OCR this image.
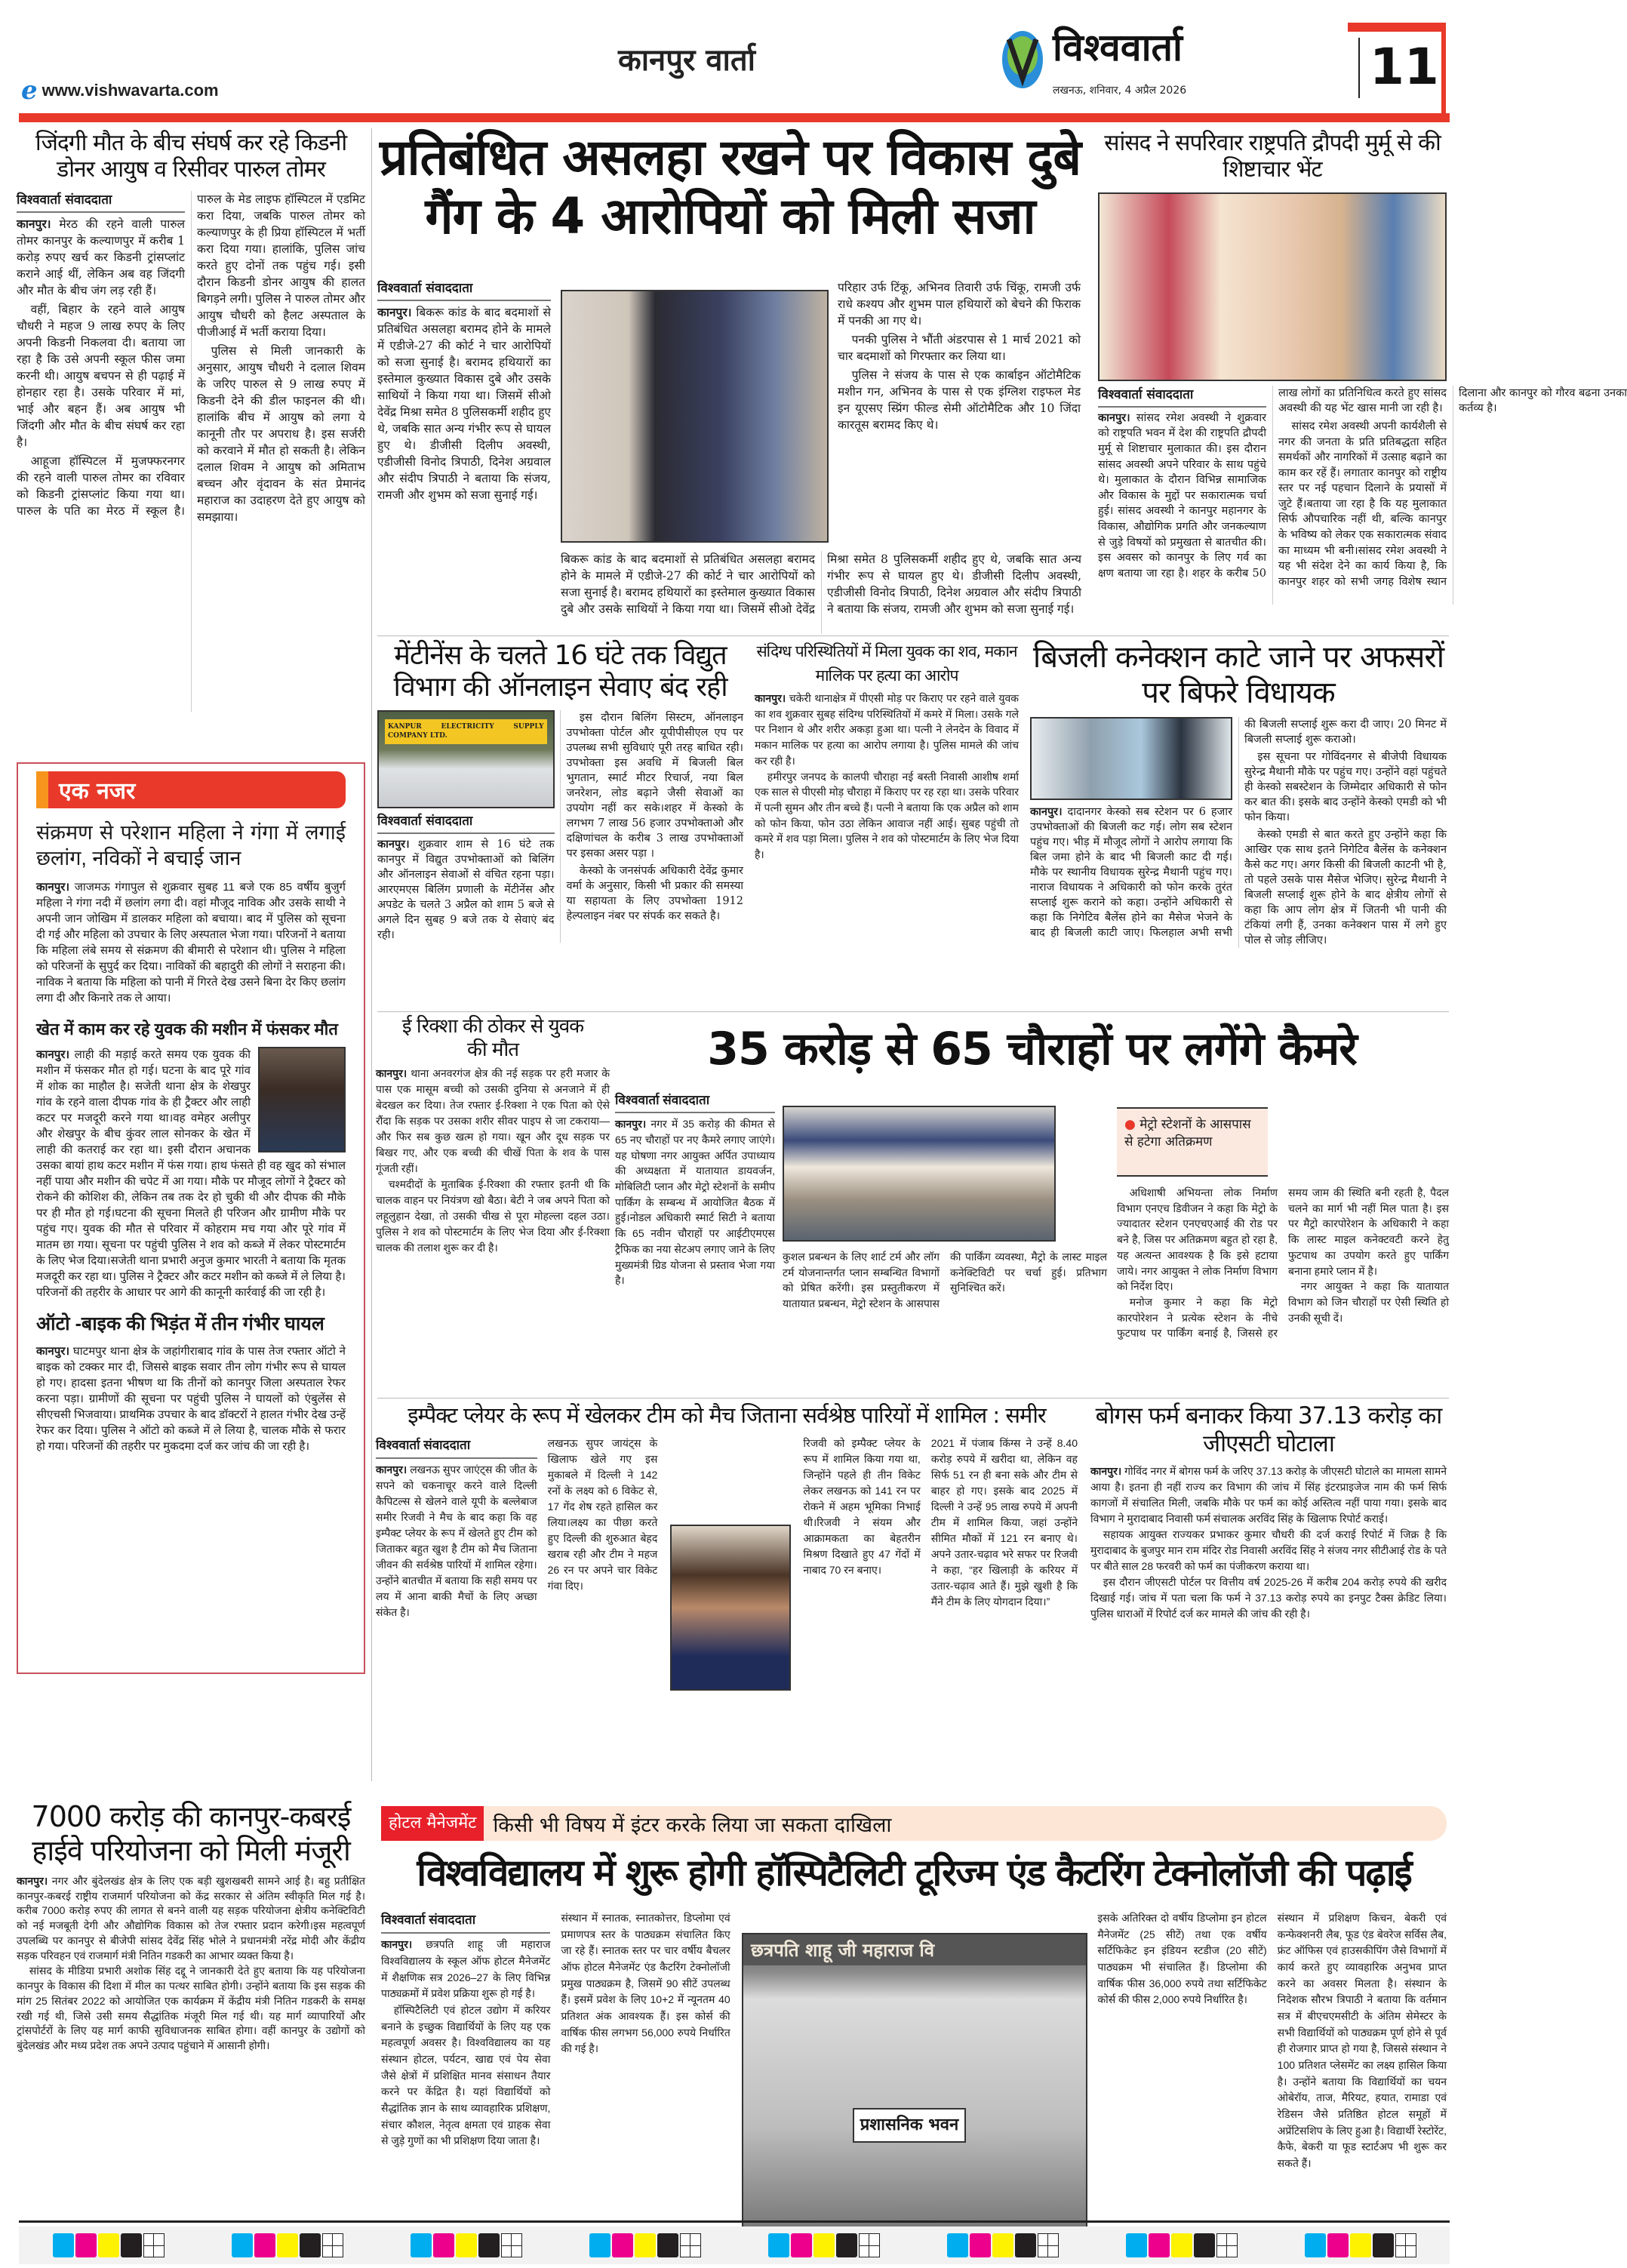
e www.vishwavarta.com
कानपुर वार्ता	विश्ववार्ता
लखनऊ, शनिवार, 4 अप्रैल 2026	11
जिंदगी मौत के बीच संघर्ष कर रहे किडनी डोनर आयुष व रिसीवर पारुल तोमर
विश्ववार्ता संवाददाता

कानपुर। मेरठ की रहने वाली पारुल तोमर कानपुर के कल्याणपुर में करीब 1 करोड़ रुपए खर्च कर किडनी ट्रांसप्लांट कराने आई थीं, लेकिन अब वह जिंदगी और मौत के बीच जंग लड़ रही हैं।

वहीं, बिहार के रहने वाले आयुष चौधरी ने महज 9 लाख रुपए के लिए अपनी किडनी निकलवा दी। बताया जा रहा है कि उसे अपनी स्कूल फीस जमा करनी थी। आयुष बचपन से ही पढ़ाई में होनहार रहा है। उसके परिवार में मां, भाई और बहन हैं। अब आयुष भी जिंदगी और मौत के बीच संघर्ष कर रहा है।

आहूजा हॉस्पिटल में मुजफ्फरनगर की रहने वाली पारुल तोमर का रविवार को किडनी ट्रांसप्लांट किया गया था। पारुल के पति का मेरठ में स्कूल है। पारुल के मेड लाइफ हॉस्पिटल में एडमिट करा दिया, जबकि पारुल तोमर को कल्याणपुर के ही प्रिया हॉस्पिटल में भर्ती करा दिया गया। हालांकि, पुलिस जांच करते हुए दोनों तक पहुंच गई। इसी दौरान किडनी डोनर आयुष की हालत बिगड़ने लगी। पुलिस ने पारुल तोमर और आयुष चौधरी को हैलट अस्पताल के पीजीआई में भर्ती कराया दिया।

पुलिस से मिली जानकारी के अनुसार, आयुष चौधरी ने दलाल शिवम के जरिए पारुल से 9 लाख रुपए में किडनी देने की डील फाइनल की थी। हालांकि बीच में आयुष को लगा ये कानूनी तौर पर अपराध है। इस सर्जरी को करवाने में मौत हो सकती है। लेकिन दलाल शिवम ने आयुष को अमिताभ बच्चन और वृंदावन के संत प्रेमानंद महाराज का उदाहरण देते हुए आयुष को समझाया।

एक नजर
संक्रमण से परेशान महिला ने गंगा में लगाई छलांग, नविकों ने बचाई जान

कानपुर। जाजमऊ गंगापुल से शुक्रवार सुबह 11 बजे एक 85 वर्षीय बुजुर्ग महिला ने गंगा नदी में छलांग लगा दी। वहां मौजूद नाविक और उसके साथी ने अपनी जान जोखिम में डालकर महिला को बचाया। बाद में पुलिस को सूचना दी गई और महिला को उपचार के लिए अस्पताल भेजा गया। परिजनों ने बताया कि महिला लंबे समय से संक्रमण की बीमारी से परेशान थी। पुलिस ने महिला को परिजनों के सुपुर्द कर दिया। नाविकों की बहादुरी की लोगों ने सराहना की। नाविक ने बताया कि महिला को पानी में गिरते देख उसने बिना देर किए छलांग लगा दी और किनारे तक ले आया।

खेत में काम कर रहे युवक की मशीन में फंसकर मौत

कानपुर। लाही की मड़ाई करते समय एक युवक की मशीन में फंसकर मौत हो गई। घटना के बाद पूरे गांव में शोक का माहौल है। सजेती थाना क्षेत्र के शेखपुर गांव के रहने वाला दीपक गांव के ही ट्रैक्टर और लाही कटर पर मजदूरी करने गया था।वह वमेहर अलीपुर और शेखपुर के बीच कुंवर लाल सोनकर के खेत में लाही की कतराई कर रहा था। इसी दौरान अचानक उसका बायां हाथ कटर मशीन में फंस गया। हाथ फंसते ही वह खुद को संभाल नहीं पाया और मशीन की चपेट में आ गया। मौके पर मौजूद लोगों ने ट्रैक्टर को रोकने की कोशिश की, लेकिन तब तक देर हो चुकी थी और दीपक की मौके पर ही मौत हो गई।घटना की सूचना मिलते ही परिजन और ग्रामीण मौके पर पहुंच गए। युवक की मौत से परिवार में कोहराम मच गया और पूरे गांव में मातम छा गया। सूचना पर पहुंची पुलिस ने शव को कब्जे में लेकर पोस्टमार्टम के लिए भेज दिया।सजेती थाना प्रभारी अनुज कुमार भारती ने बताया कि मृतक मजदूरी कर रहा था। पुलिस ने ट्रैक्टर और कटर मशीन को कब्जे में ले लिया है। परिजनों की तहरीर के आधार पर आगे की कानूनी कार्रवाई की जा रही है।

ऑटो -बाइक की भिड़ंत में तीन गंभीर घायल

कानपुर। घाटमपुर थाना क्षेत्र के जहांगीराबाद गांव के पास तेज रफ्तार ऑटो ने बाइक को टक्कर मार दी, जिससे बाइक सवार तीन लोग गंभीर रूप से घायल हो गए। हादसा इतना भीषण था कि तीनों को कानपुर जिला अस्पताल रेफर करना पड़ा। ग्रामीणों की सूचना पर पहुंची पुलिस ने घायलों को एंबुलेंस से सीएचसी भिजवाया। प्राथमिक उपचार के बाद डॉक्टरों ने हालत गंभीर देख उन्हें रेफर कर दिया। पुलिस ने ऑटो को कब्जे में ले लिया है, चालक मौके से फरार हो गया। परिजनों की तहरीर पर मुकदमा दर्ज कर जांच की जा रही है।

7000 करोड़ की कानपुर-कबरई हाईवे परियोजना को मिली मंजूरी

कानपुर। नगर और बुंदेलखंड क्षेत्र के लिए एक बड़ी खुशखबरी सामने आई है। बहु प्रतीक्षित कानपुर-कबरई राष्ट्रीय राजमार्ग परियोजना को केंद्र सरकार से अंतिम स्वीकृति मिल गई है। करीब 7000 करोड़ रुपए की लागत से बनने वाली यह सड़क परियोजना क्षेत्रीय कनेक्टिविटी को नई मजबूती देगी और औद्योगिक विकास को तेज रफ्तार प्रदान करेगी।इस महत्वपूर्ण उपलब्धि पर कानपुर से बीजेपी सांसद देवेंद्र सिंह भोले ने प्रधानमंत्री नरेंद्र मोदी और केंद्रीय सड़क परिवहन एवं राजमार्ग मंत्री नितिन गडकरी का आभार व्यक्त किया है।

सांसद के मीडिया प्रभारी अशोक सिंह दद्दू ने जानकारी देते हुए बताया कि यह परियोजना कानपुर के विकास की दिशा में मील का पत्थर साबित होगी। उन्होंने बताया कि इस सड़क की मांग 25 सितंबर 2022 को आयोजित एक कार्यक्रम में केंद्रीय मंत्री नितिन गडकरी के समक्ष रखी गई थी, जिसे उसी समय सैद्धांतिक मंजूरी मिल गई थी। यह मार्ग व्यापारियों और ट्रांसपोर्टरों के लिए यह मार्ग काफी सुविधाजनक साबित होगा। वहीं कानपुर के उद्योगों को बुंदेलखंड और मध्य प्रदेश तक अपने उत्पाद पहुंचाने में आसानी होगी।

प्रतिबंधित असलहा रखने पर विकास दुबे गैंग के 4 आरोपियों को मिली सजा
विश्ववार्ता संवाददाता

कानपुर। बिकरू कांड के बाद बदमाशों से प्रतिबंधित असलहा बरामद होने के मामले में एडीजे-27 की कोर्ट ने चार आरोपियों को सजा सुनाई है। बरामद हथियारों का इस्तेमाल कुख्यात विकास दुबे और उसके साथियों ने किया गया था। जिसमें सीओ देवेंद्र मिश्रा समेत 8 पुलिसकर्मी शहीद हुए थे, जबकि सात अन्य गंभीर रूप से घायल हुए थे। डीजीसी दिलीप अवस्थी, एडीजीसी विनोद त्रिपाठी, दिनेश अग्रवाल और संदीप त्रिपाठी ने बताया कि संजय, रामजी और शुभम को सजा सुनाई गई।

परिहार उर्फ टिंकू, अभिनव तिवारी उर्फ चिंकू, रामजी उर्फ राधे कश्यप और शुभम पाल हथियारों को बेचने की फिराक में पनकी आ गए थे।

पनकी पुलिस ने भौंती अंडरपास से 1 मार्च 2021 को चार बदमाशों को गिरफ्तार कर लिया था।

पुलिस ने संजय के पास से एक कार्बाइन ऑटोमैटिक मशीन गन, अभिनव के पास से एक इंग्लिश राइफल मेड इन यूएसए स्प्रिंग फील्ड सेमी ऑटोमैटिक और 10 जिंदा कारतूस बरामद किए थे।

बिकरू कांड के बाद बदमाशों से प्रतिबंधित असलहा बरामद होने के मामले में एडीजे-27 की कोर्ट ने चार आरोपियों को सजा सुनाई है। बरामद हथियारों का इस्तेमाल कुख्यात विकास दुबे और उसके साथियों ने किया गया था। जिसमें सीओ देवेंद्र मिश्रा समेत 8 पुलिसकर्मी शहीद हुए थे, जबकि सात अन्य गंभीर रूप से घायल हुए थे। डीजीसी दिलीप अवस्थी, एडीजीसी विनोद त्रिपाठी, दिनेश अग्रवाल और संदीप त्रिपाठी ने बताया कि संजय, रामजी और शुभम को सजा सुनाई गई।

सांसद ने सपरिवार राष्ट्रपति द्रौपदी मुर्मू से की शिष्टाचार भेंट
विश्ववार्ता संवाददाता

कानपुर। सांसद रमेश अवस्थी ने शुक्रवार को राष्ट्रपति भवन में देश की राष्ट्रपति द्रौपदी मुर्मू से शिष्टाचार मुलाकात की। इस दौरान सांसद अवस्थी अपने परिवार के साथ पहुंचे थे। मुलाकात के दौरान विभिन्न सामाजिक और विकास के मुद्दों पर सकारात्मक चर्चा हुई। सांसद अवस्थी ने कानपुर महानगर के विकास, औद्योगिक प्रगति और जनकल्याण से जुड़े विषयों को प्रमुखता से बातचीत की।इस अवसर को कानपुर के लिए गर्व का क्षण बताया जा रहा है। शहर के करीब 50 लाख लोगों का प्रतिनिधित्व करते हुए सांसद अवस्थी की यह भेंट खास मानी जा रही है।

सांसद रमेश अवस्थी अपनी कार्यशैली से नगर की जनता के प्रति प्रतिबद्धता सहित समर्थकों और नागरिकों में उत्साह बढ़ाने का काम कर रहें हैं। लगातार कानपुर को राष्ट्रीय स्तर पर नई पहचान दिलाने के प्रयासों में जुटे हैं।बताया जा रहा है कि यह मुलाकात सिर्फ औपचारिक नहीं थी, बल्कि कानपुर के भविष्य को लेकर एक सकारात्मक संवाद का माध्यम भी बनी।सांसद रमेश अवस्थी ने यह भी संदेश देने का कार्य किया है, कि कानपुर शहर को सभी जगह विशेष स्थान दिलाना और कानपुर को गौरव बढना उनका कर्तव्य है।

मेंटीनेंस के चलते 16 घंटे तक विद्युत विभाग की ऑनलाइन सेवाए बंद रही
KANPUR ELECTRICITY SUPPLY COMPANY LTD.
विश्ववार्ता संवाददाता

कानपुर। शुक्रवार शाम से 16 घंटे तक कानपुर में विद्युत उपभोक्ताओं को बिलिंग और ऑनलाइन सेवाओं से वंचित रहना पड़ा। आरएमएस बिलिंग प्रणाली के मेंटीनेंस और अपडेट के चलते 3 अप्रैल को शाम 5 बजे से अगले दिन सुबह 9 बजे तक ये सेवाएं बंद रही।

इस दौरान बिलिंग सिस्टम, ऑनलाइन उपभोक्ता पोर्टल और यूपीपीसीएल एप पर उपलब्ध सभी सुविधाएं पूरी तरह बाधित रही। उपभोक्ता इस अवधि में बिजली बिल भुगतान, स्मार्ट मीटर रिचार्ज, नया बिल जनरेशन, लोड बढ़ाने जैसी सेवाओं का उपयोग नहीं कर सके।शहर में केस्को के लगभग 7 लाख 56 हजार उपभोक्ताओ और दक्षिणांचल के करीब 3 लाख उपभोक्ताओं पर इसका असर पड़ा ।

केस्को के जनसंपर्क अधिकारी देवेंद्र कुमार वर्मा के अनुसार, किसी भी प्रकार की समस्या या सहायता के लिए उपभोक्ता 1912 हेल्पलाइन नंबर पर संपर्क कर सकते है।

संदिग्ध परिस्थितियों में मिला युवक का शव, मकान मालिक पर हत्या का आरोप

कानपुर। चकेरी थानाक्षेत्र में पीएसी मोड़ पर किराए पर रहने वाले युवक का शव शुक्रवार सुबह संदिग्ध परिस्थितियों में कमरे में मिला। उसके गले पर निशान थे और शरीर अकड़ा हुआ था। पत्नी ने लेनदेन के विवाद में मकान मालिक पर हत्या का आरोप लगाया है। पुलिस मामले की जांच कर रही है।

हमीरपुर जनपद के कालपी चौराहा नई बस्ती निवासी आशीष शर्मा एक साल से पीएसी मोड़ चौराहा में किराए पर रह रहा था। उसके परिवार में पत्नी सुमन और तीन बच्चे हैं। पत्नी ने बताया कि एक अप्रैल को शाम को फोन किया, फोन उठा लेकिन आवाज नहीं आई। सुबह पहुंची तो कमरे में शव पड़ा मिला। पुलिस ने शव को पोस्टमार्टम के लिए भेज दिया है।

बिजली कनेक्शन काटे जाने पर अफसरों पर बिफरे विधायक

कानपुर। दादानगर केस्को सब स्टेशन पर 6 हजार उपभोक्ताओं की बिजली कट गई। लोग सब स्टेशन पहुंच गए। भीड़ में मौजूद लोगों ने आरोप लगाया कि बिल जमा होने के बाद भी बिजली काट दी गई। मौके पर स्थानीय विधायक सुरेन्द्र मैथानी पहुंच गए। नाराज विधायक ने अधिकारी को फोन करके तुरंत सप्लाई शुरू कराने को कहा। उन्होंने अधिकारी से कहा कि निगेटिव बैलेंस होने का मैसेज भेजने के बाद ही बिजली काटी जाए। फिलहाल अभी सभी की बिजली सप्लाई शुरू करा दी जाए। 20 मिनट में बिजली सप्लाई शुरू कराओ।

इस सूचना पर गोविंदनगर से बीजेपी विधायक सुरेन्द्र मैथानी मौके पर पहुंच गए। उन्होंने वहां पहुंचते ही केस्को सबस्टेशन के जिम्मेदार अधिकारी से फोन कर बात की। इसके बाद उन्होंने केस्को एमडी को भी फोन किया।

केस्को एमडी से बात करते हुए उन्होंने कहा कि आखिर एक साथ इतने निगेटिव बैलेंस के कनेक्शन कैसे कट गए। अगर किसी की बिजली काटनी भी है, तो पहले उसके पास मैसेज भेजिए। सुरेन्द्र मैथानी ने बिजली सप्लाई शुरू होने के बाद क्षेत्रीय लोगों से कहा कि आप लोग क्षेत्र में जितनी भी पानी की टंकियां लगी हैं, उनका कनेक्शन पास में लगे हुए पोल से जोड़ लीजिए।

ई रिक्शा की ठोकर से युवक की मौत

कानपुर। थाना अनवरगंज क्षेत्र की नई सड़क पर हरी मजार के पास एक मासूम बच्ची को उसकी दुनिया से अनजाने में ही बेदखल कर दिया। तेज रफ्तार ई-रिक्शा ने एक पिता को ऐसे रौंदा कि सड़क पर उसका शरीर सीवर पाइप से जा टकराया—और फिर सब कुछ खत्म हो गया। खून और दूध सड़क पर बिखर गए, और एक बच्ची की चीखें पिता के शव के पास गूंजती रहीं।

चश्मदीदों के मुताबिक ई-रिक्शा की रफ्तार इतनी थी कि चालक वाहन पर नियंत्रण खो बैठा। बेटी ने जब अपने पिता को लहूलुहान देखा, तो उसकी चीख से पूरा मोहल्ला दहल उठा। पुलिस ने शव को पोस्टमार्टम के लिए भेज दिया और ई-रिक्शा चालक की तलाश शुरू कर दी है।

35 करोड़ से 65 चौराहों पर लगेंगे कैमरे
● मेट्रो स्टेशनों के आसपास से हटेगा अतिक्रमण
विश्ववार्ता संवाददाता

कानपुर। नगर में 35 करोड़ की कीमत से 65 नए चौराहों पर नए कैमरे लगाए जाएंगे। यह घोषणा नगर आयुक्त अर्पित उपाध्याय की अध्यक्षता में यातायात डायवर्जन, मोबिलिटी प्लान और मेट्रो स्टेशनों के समीप पार्किंग के सम्बन्ध में आयोजित बैठक में हुई।नोडल अधिकारी स्मार्ट सिटी ने बताया कि 65 नवीन चौराहों पर आईटीएमएस ट्रैफिक का नया सेटअप लगाए जाने के लिए मुख्यमंत्री ग्रिड योजना से प्रस्ताव भेजा गया है।

कुशल प्रबन्धन के लिए शार्ट टर्म और लॉग टर्म योजनान्तर्गत प्लान सम्बन्धित विभागों को प्रेषित करेंगी। इस प्रस्तुतीकरण में यातायात प्रबन्धन, मेट्रो स्टेशन के आसपास की पार्किंग व्यवस्था, मैट्रो के लास्ट माइल कनेक्टिविटी पर चर्चा हुई। प्रतिभाग सुनिश्चित करें।

अधिशाषी अभियन्ता लोक निर्माण विभाग एनएच डिवीजन ने कहा कि मेट्रो के ज्यादातर स्टेशन एनएचएआई की रोड पर बने है, जिस पर अतिक्रमण बहुत हो रहा है, यह अत्यन्त आवश्यक है कि इसे हटाया जाये। नगर आयुक्त ने लोक निर्माण विभाग को निर्देश दिए।

मनोज कुमार ने कहा कि मेट्रो कारपोरेशन ने प्रत्येक स्टेशन के नीचे फुटपाथ पर पार्किंग बनाई है, जिससे हर समय जाम की स्थिति बनी रहती है, पैदल चलने का मार्ग भी नहीं मिल पाता है। इस पर मैट्रो कारपोरेशन के अधिकारी ने कहा कि लास्ट माइल कनेक्टवटी करने हेतु फुटपाथ का उपयोग करते हुए पार्किंग बनाना हमारे प्लान में है।

नगर आयुक्त ने कहा कि यातायात विभाग को जिन चौराहों पर ऐसी स्थिति हो उनकी सूची दें।

इम्पैक्ट प्लेयर के रूप में खेलकर टीम को मैच जिताना सर्वश्रेष्ठ पारियों में शामिल : समीर
विश्ववार्ता संवाददाता

कानपुर। लखनऊ सुपर जाएंट्स की जीत के सपने को चकनाचूर करने वाले दिल्ली कैपिटल्स से खेलने वाले यूपी के बल्लेबाज समीर रिजवी ने मैच के बाद कहा कि वह इम्पैक्ट प्लेयर के रूप में खेलते हुए टीम को जिताकर बहुत खुश है टीम को मैच जिताना जीवन की सर्वश्रेष्ठ पारियों में शामिल रहेगा। उन्होंने बातचीत में बताया कि सही समय पर लय में आना बाकी मैचों के लिए अच्छा संकेत है।

लखनऊ सुपर जायंट्स के खिलाफ खेले गए इस मुकाबले में दिल्ली ने 142 रनों के लक्ष्य को 6 विकेट से, 17 गेंद शेष रहते हासिल कर लिया।लक्ष्य का पीछा करते हुए दिल्ली की शुरुआत बेहद खराब रही और टीम ने महज 26 रन पर अपने चार विकेट गंवा दिए।
रिजवी को इम्पैक्ट प्लेयर के रूप में शामिल किया गया था, जिन्होंने पहले ही तीन विकेट लेकर लखनऊ को 141 रन पर रोकने में अहम भूमिका निभाई थी।रिजवी ने संयम और आक्रामकता का बेहतरीन मिश्रण दिखाते हुए 47 गेंदों में नाबाद 70 रन बनाए।
2021 में पंजाब किंग्स ने उन्हें 8.40 करोड़ रुपये में खरीदा था, लेकिन वह सिर्फ 51 रन ही बना सके और टीम से बाहर हो गए। इसके बाद 2025 में दिल्ली ने उन्हें 95 लाख रुपये में अपनी टीम में शामिल किया, जहां उन्होंने सीमित मौकों में 121 रन बनाए थे।अपने उतार-चढ़ाव भरे सफर पर रिजवी ने कहा, “हर खिलाड़ी के करियर में उतार-चढ़ाव आते हैं। मुझे खुशी है कि मैंने टीम के लिए योगदान दिया।”
बोगस फर्म बनाकर किया 37.13 करोड़ का जीएसटी घोटाला

कानपुर। गोविंद नगर में बोगस फर्म के जरिए 37.13 करोड़ के जीएसटी घोटाले का मामला सामने आया है। इतना ही नहीं राज्य कर विभाग की जांच में सिंह इंटरप्राइजेज नाम की फर्म सिर्फ कागजों में संचालित मिली, जबकि मौके पर फर्म का कोई अस्तित्व नहीं पाया गया। इसके बाद विभाग ने मुरादाबाद निवासी फर्म संचालक अरविंद सिंह के खिलाफ रिपोर्ट कराई।

सहायक आयुक्त राज्यकर प्रभाकर कुमार चौधरी की दर्ज कराई रिपोर्ट में जिक्र है कि मुरादाबाद के बुजपुर मान राम मंदिर रोड निवासी अरविंद सिंह ने संजय नगर सीटीआई रोड के पते पर बीते साल 28 फरवरी को फर्म का पंजीकरण कराया था।

इस दौरान जीएसटी पोर्टल पर वित्तीय वर्ष 2025-26 में करीब 204 करोड़ रुपये की खरीद दिखाई गई। जांच में पता चला कि फर्म ने 37.13 करोड़ रुपये का इनपुट टैक्स क्रेडिट लिया। पुलिस धाराओं में रिपोर्ट दर्ज कर मामले की जांच की रही है।

होटल मैनेजमेंट किसी भी विषय में इंटर करके लिया जा सकता दाखिला
विश्वविद्यालय में शुरू होगी हॉस्पिटैलिटी टूरिज्म एंड कैटरिंग टेक्नोलॉजी की पढ़ाई
छत्रपति शाहू जी महाराज वि
प्रशासनिक भवन
विश्ववार्ता संवाददाता

कानपुर। छत्रपति शाहू जी महाराज विश्वविद्यालय के स्कूल ऑफ होटल मैनेजमेंट में शैक्षणिक सत्र 2026–27 के लिए विभिन्न पाठ्यक्रमों में प्रवेश प्रक्रिया शुरू हो गई है।

हॉस्पिटैलिटी एवं होटल उद्योग में करियर बनाने के इच्छुक विद्यार्थियों के लिए यह एक महत्वपूर्ण अवसर है। विश्वविद्यालय का यह संस्थान होटल, पर्यटन, खाद्य एवं पेय सेवा जैसे क्षेत्रों में प्रशिक्षित मानव संसाधन तैयार करने पर केंद्रित है। यहां विद्यार्थियों को सैद्धांतिक ज्ञान के साथ व्यावहारिक प्रशिक्षण, संचार कौशल, नेतृत्व क्षमता एवं ग्राहक सेवा से जुड़े गुणों का भी प्रशिक्षण दिया जाता है।

संस्थान में स्नातक, स्नातकोत्तर, डिप्लोमा एवं प्रमाणपत्र स्तर के पाठ्यक्रम संचालित किए जा रहे हैं। स्नातक स्तर पर चार वर्षीय बैचलर ऑफ होटल मैनेजमेंट एंड कैटरिंग टेक्नोलॉजी प्रमुख पाठ्यक्रम है, जिसमें 90 सीटें उपलब्ध हैं। इसमें प्रवेश के लिए 10+2 में न्यूनतम 40 प्रतिशत अंक आवश्यक हैं। इस कोर्स की वार्षिक फीस लगभग 56,000 रुपये निर्धारित की गई है।
इसके अतिरिक्त दो वर्षीय डिप्लोमा इन होटल मैनेजमेंट (25 सीटें) तथा एक वर्षीय सर्टिफिकेट इन इंडियन स्टडीज (20 सीटें) पाठ्यक्रम भी संचालित हैं। डिप्लोमा की वार्षिक फीस 36,000 रुपये तथा सर्टिफिकेट कोर्स की फीस 2,000 रुपये निर्धारित है।
संस्थान में प्रशिक्षण किचन, बेकरी एवं कन्फेक्शनरी लैब, फूड एंड बेवरेज सर्विस लैब, फ्रंट ऑफिस एवं हाउसकीपिंग जैसे विभागों में कार्य करते हुए व्यावहारिक अनुभव प्राप्त करने का अवसर मिलता है। संस्थान के निदेशक सौरभ त्रिपाठी ने बताया कि वर्तमान सत्र में बीएचएमसीटी के अंतिम सेमेस्टर के सभी विद्यार्थियों को पाठ्यक्रम पूर्ण होने से पूर्व ही रोजगार प्राप्त हो गया है, जिससे संस्थान ने 100 प्रतिशत प्लेसमेंट का लक्ष्य हासिल किया है। उन्होंने बताया कि विद्यार्थियों का चयन ओबेरॉय, ताज, मैरियट, हयात, रामाडा एवं रेडिसन जैसे प्रतिष्ठित होटल समूहों में अप्रेंटिसशिप के लिए हुआ है। विद्यार्थी रेस्टोरेंट, कैफे, बेकरी या फूड स्टार्टअप भी शुरू कर सकते हैं।
